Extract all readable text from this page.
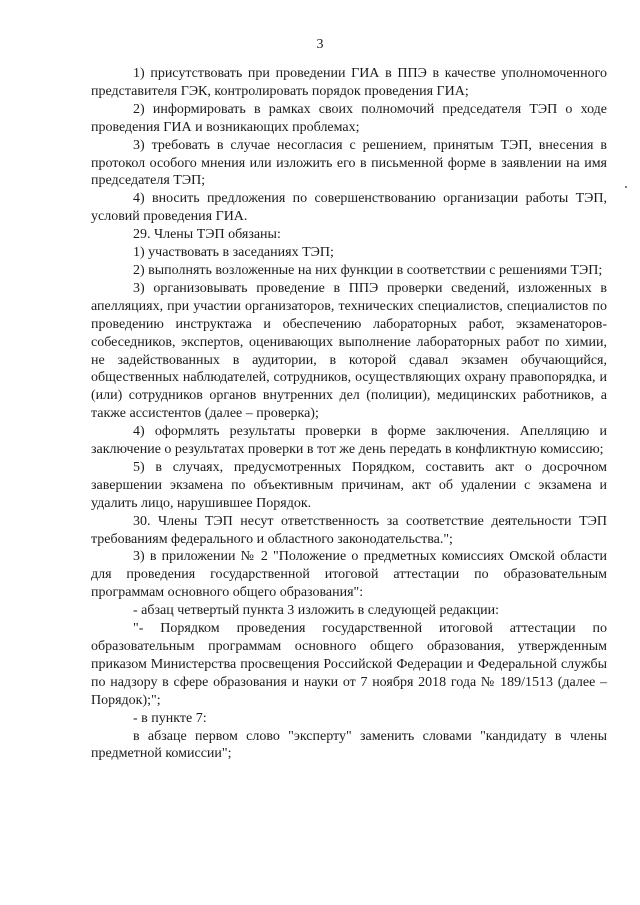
3

1) присутствовать при проведении ГИА в ППЭ в качестве уполномоченного представителя ГЭК, контролировать порядок проведения ГИА;

2) информировать в рамках своих полномочий председателя ТЭП о ходе проведения ГИА и возникающих проблемах;

3) требовать в случае несогласия с решением, принятым ТЭП, внесения в протокол особого мнения или изложить его в письменной форме в заявлении на имя председателя ТЭП;

4) вносить предложения по совершенствованию организации работы ТЭП, условий проведения ГИА.

29. Члены ТЭП обязаны:

1) участвовать в заседаниях ТЭП;

2) выполнять возложенные на них функции в соответствии с решениями ТЭП;

3) организовывать проведение в ППЭ проверки сведений, изложенных в апелляциях, при участии организаторов, технических специалистов, специалистов по проведению инструктажа и обеспечению лабораторных работ, экзаменаторов-собеседников, экспертов, оценивающих выполнение лабораторных работ по химии, не задействованных в аудитории, в которой сдавал экзамен обучающийся, общественных наблюдателей, сотрудников, осуществляющих охрану правопорядка, и (или) сотрудников органов внутренних дел (полиции), медицинских работников, а также ассистентов (далее – проверка);

4) оформлять результаты проверки в форме заключения. Апелляцию и заключение о результатах проверки в тот же день передать в конфликтную комиссию;

5) в случаях, предусмотренных Порядком, составить акт о досрочном завершении экзамена по объективным причинам, акт об удалении с экзамена и удалить лицо, нарушившее Порядок.

30. Члены ТЭП несут ответственность за соответствие деятельности ТЭП требованиям федерального и областного законодательства.";

3) в приложении № 2 "Положение о предметных комиссиях Омской области для проведения государственной итоговой аттестации по образовательным программам основного общего образования":

- абзац четвертый пункта 3 изложить в следующей редакции:

"- Порядком проведения государственной итоговой аттестации по образовательным программам основного общего образования, утвержденным приказом Министерства просвещения Российской Федерации и Федеральной службы по надзору в сфере образования и науки от 7 ноября 2018 года № 189/1513 (далее – Порядок);";

- в пункте 7:

в абзаце первом слово "эксперту" заменить словами "кандидату в члены предметной комиссии";
